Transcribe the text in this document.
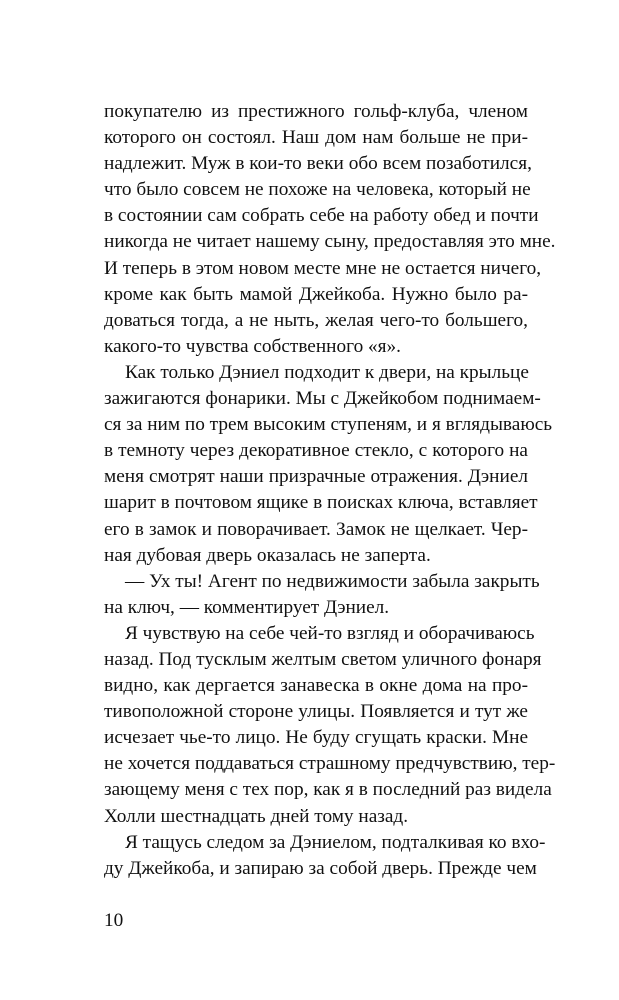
покупателю из престижного гольф-клуба, членом
которого он состоял. Наш дом нам больше не при-
надлежит. Муж в кои-то веки обо всем позаботился,
что было совсем не похоже на человека, который не
в состоянии сам собрать себе на работу обед и почти
никогда не читает нашему сыну, предоставляя это мне.
И теперь в этом новом месте мне не остается ничего,
кроме как быть мамой Джейкоба. Нужно было ра-
доваться тогда, а не ныть, желая чего-то большего,
какого-то чувства собственного «я».
Как только Дэниел подходит к двери, на крыльце
зажигаются фонарики. Мы с Джейкобом поднимаем-
ся за ним по трем высоким ступеням, и я вглядываюсь
в темноту через декоративное стекло, с которого на
меня смотрят наши призрачные отражения. Дэниел
шарит в почтовом ящике в поисках ключа, вставляет
его в замок и поворачивает. Замок не щелкает. Чер-
ная дубовая дверь оказалась не заперта.
— Ух ты! Агент по недвижимости забыла закрыть
на ключ, — комментирует Дэниел.
Я чувствую на себе чей-то взгляд и оборачиваюсь
назад. Под тусклым желтым светом уличного фонаря
видно, как дергается занавеска в окне дома на про-
тивоположной стороне улицы. Появляется и тут же
исчезает чье-то лицо. Не буду сгущать краски. Мне
не хочется поддаваться страшному предчувствию, тер-
зающему меня с тех пор, как я в последний раз видела
Холли шестнадцать дней тому назад.
Я тащусь следом за Дэниелом, подталкивая ко вхо-
ду Джейкоба, и запираю за собой дверь. Прежде чем
10
